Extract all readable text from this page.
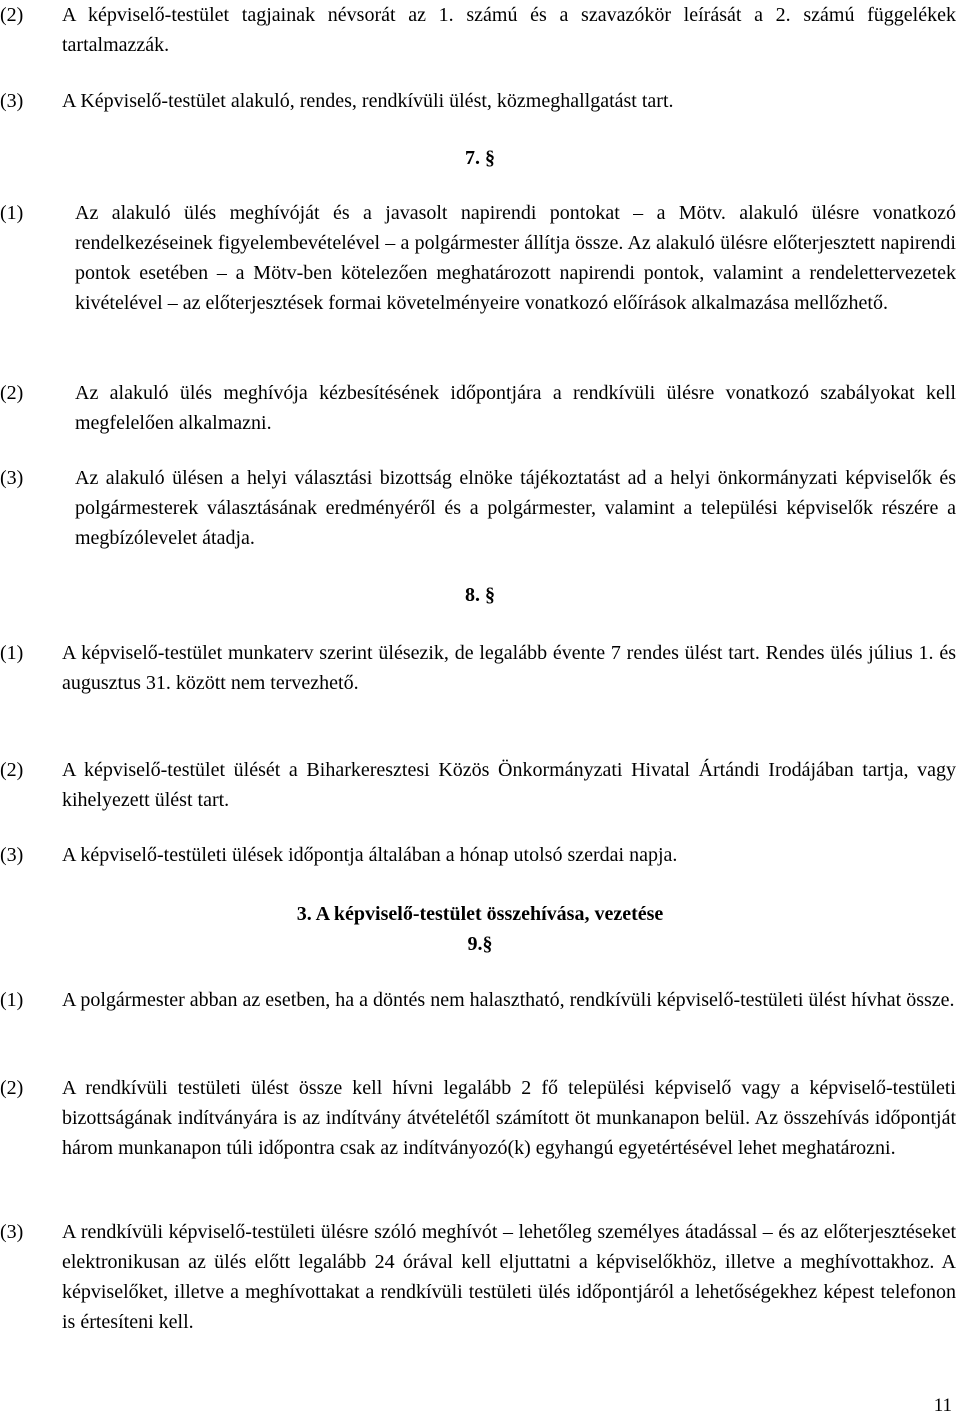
(2)	A képviselő-testület tagjainak névsorát az 1. számú és a szavazókör leírását a 2. számú függelékek tartalmazzák.
(3)	A Képviselő-testület alakuló, rendes, rendkívüli ülést, közmeghallgatást tart.
7. §
(1)	Az alakuló ülés meghívóját és a javasolt napirendi pontokat – a Mötv. alakuló ülésre vonatkozó rendelkezéseinek figyelembevételével – a polgármester állítja össze. Az alakuló ülésre előterjesztett napirendi pontok esetében – a Mötv-ben kötelezően meghatározott napirendi pontok, valamint a rendelettervezetek kivételével – az előterjesztések formai követelményeire vonatkozó előírások alkalmazása mellőzhető.
(2)	Az alakuló ülés meghívója kézbesítésének időpontjára a rendkívüli ülésre vonatkozó szabályokat kell megfelelően alkalmazni.
(3)	Az alakuló ülésen a helyi választási bizottság elnöke tájékoztatást ad a helyi önkormányzati képviselők és polgármesterek választásának eredményéről és a polgármester, valamint a települési képviselők részére a megbízólevelet átadja.
8. §
(1)	A képviselő-testület munkaterv szerint ülésezik, de legalább évente 7 rendes ülést tart. Rendes ülés július 1. és augusztus 31. között nem tervezhető.
(2)	A képviselő-testület ülését a Biharkeresztesi Közös Önkormányzati Hivatal Ártándi Irodájában tartja, vagy kihelyezett ülést tart.
(3)	A képviselő-testületi ülések időpontja általában a hónap utolsó szerdai napja.
3. A képviselő-testület összehívása, vezetése
9.§
(1)	A polgármester abban az esetben, ha a döntés nem halasztható, rendkívüli képviselő-testületi ülést hívhat össze.
(2)	A rendkívüli testületi ülést össze kell hívni legalább 2 fő települési képviselő vagy a képviselő-testületi bizottságának indítványára is az indítvány átvételétől számított öt munkanapon belül. Az összehívás időpontját három munkanapon túli időpontra csak az indítványozó(k) egyhangú egyetértésével lehet meghatározni.
(3)	A rendkívüli képviselő-testületi ülésre szóló meghívót – lehetőleg személyes átadással – és az előterjesztéseket elektronikusan az ülés előtt legalább 24 órával kell eljuttatni a képviselőkhöz, illetve a meghívottakhoz. A képviselőket, illetve a meghívottakat a rendkívüli testületi ülés időpontjáról a lehetőségekhez képest telefonon is értesíteni kell.
11
